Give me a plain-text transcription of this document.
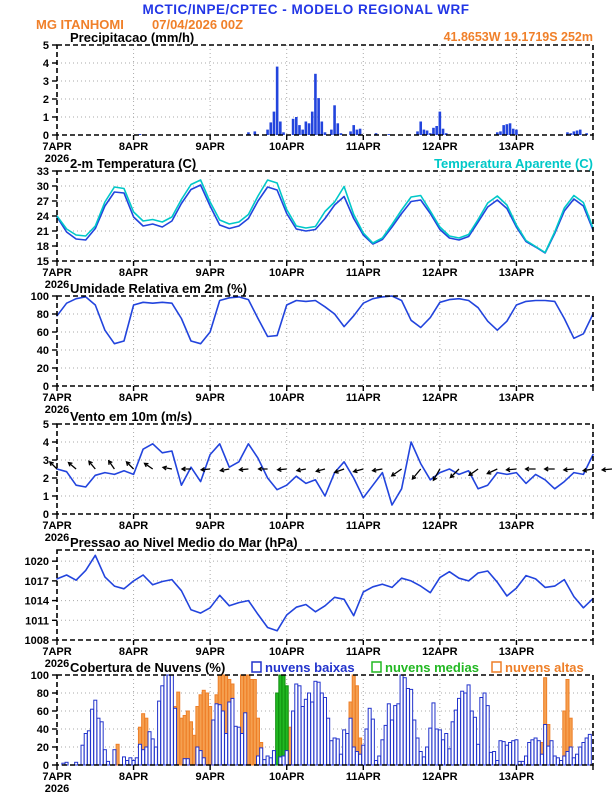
MCTIC/INPE/CPTEC - MODELO REGIONAL WRF
MG ITANHOMI 07/04/2026 00Z
41.8653W 19.1719S 252m
0
1
2
3
4
5
7APR	8APR	9APR	10APR	11APR	12APR	13APR
2026
Precipitacao (mm/h)
15
18
21
24
27
30
33
7APR	8APR	9APR	10APR	11APR	12APR	13APR
2026
2-m Temperatura (C)	Temperatura Aparente (C)
0
20
40
60
80
100
7APR	8APR	9APR	10APR	11APR	12APR	13APR
2026
Umidade Relativa em 2m (%)
0
1
2
3
4
5
7APR	8APR	9APR	10APR	11APR	12APR	13APR
2026
Vento em 10m (m/s)
1008
1011
1014
1017
1020
7APR	8APR	9APR	10APR	11APR	12APR	13APR
2026
Pressao ao Nivel Medio do Mar (hPa)
0
20
40
60
80
100
7APR	8APR	9APR	10APR	11APR	12APR	13APR
2026
Cobertura de Nuvens (%)	nuvens baixas nuvens medias nuvens altas
